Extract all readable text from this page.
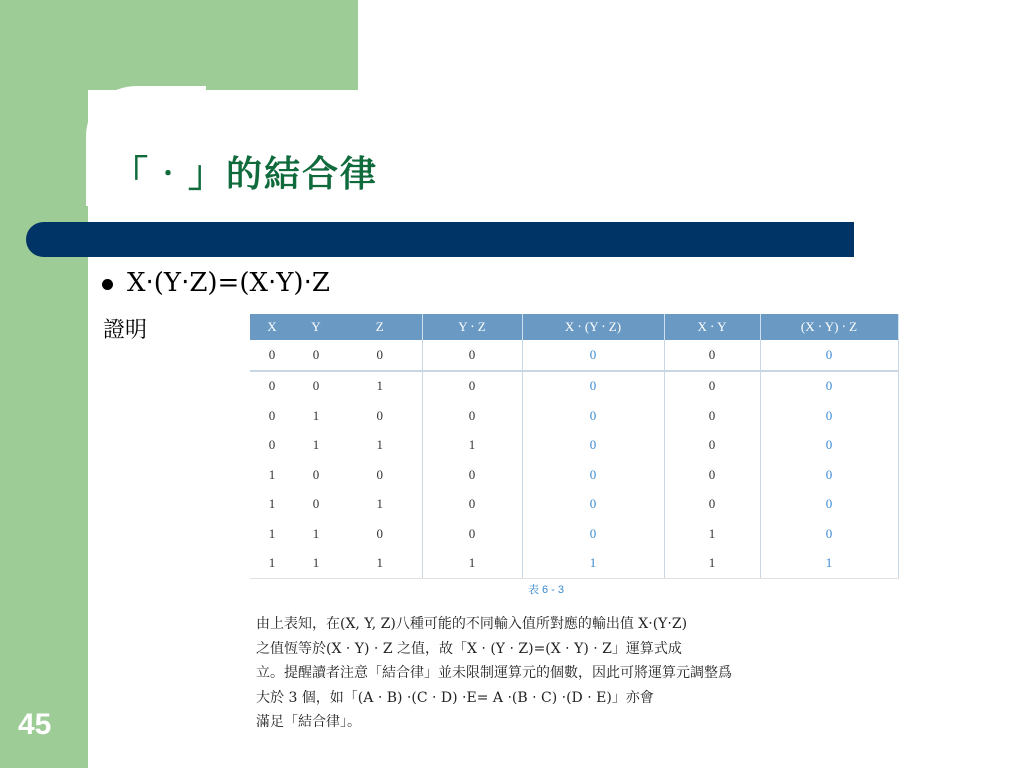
「‧」的結合律
X‧(Y‧Z)=(X‧Y)‧Z
證明	X	Y	Z	Y ‧ Z	X ‧ (Y ‧ Z)	X ‧ Y	(X ‧ Y) ‧ Z
0	0	0	0	0	0	0
0	0	1	0	0	0	0
0	1	0	0	0	0	0
0	1	1	1	0	0	0
1	0	0	0	0	0	0
1	0	1	0	0	0	0
1	1	0	0	0	1	0
1	1	1	1	1	1	1
表 6 - 3

由上表知，在(X, Y, Z)八種可能的不同輸入值所對應的輸出值 X‧(Y‧Z)

之值恆等於(X ‧ Y) ‧ Z 之值，故「X ‧ (Y ‧ Z)=(X ‧ Y) ‧ Z」運算式成

立。提醒讀者注意「結合律」並未限制運算元的個數，因此可將運算元調整爲

大於 3 個，如「(A ‧ B) ‧(C ‧ D) ‧E= A ‧(B ‧ C) ‧(D ‧ E)」亦會

滿足「結合律」。

45
